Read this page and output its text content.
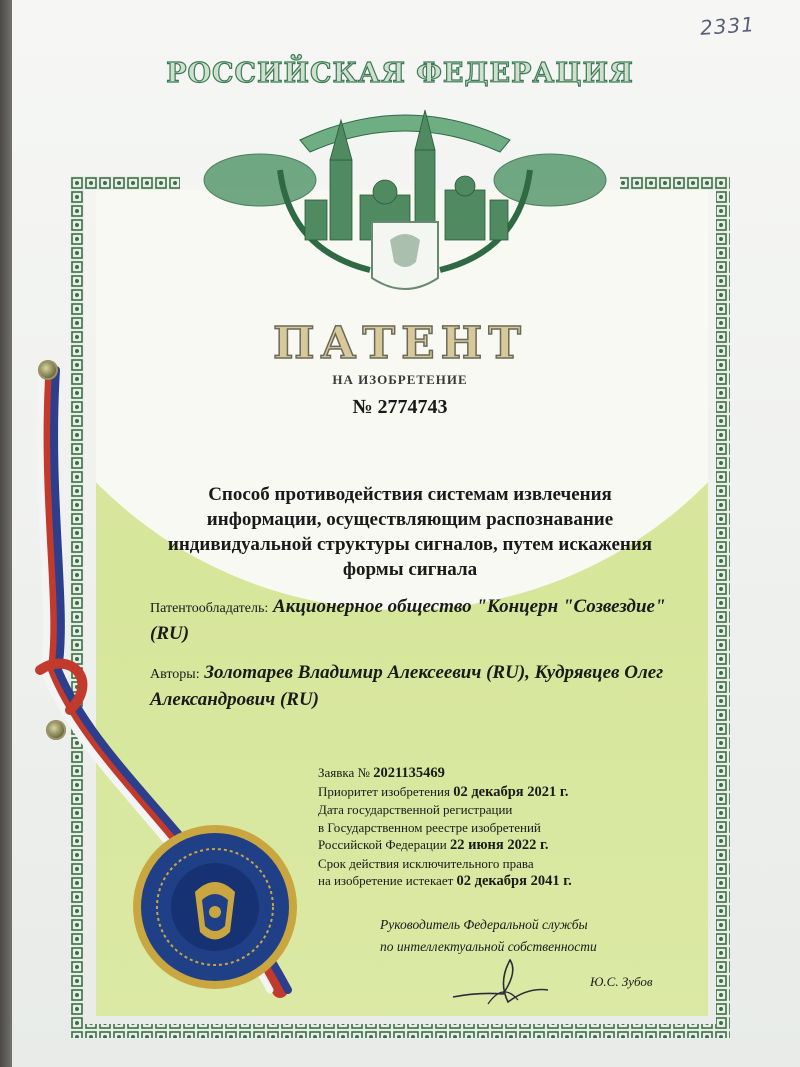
2331
РОССИЙСКАЯ ФЕДЕРАЦИЯ
ПАТЕНТ
НА ИЗОБРЕТЕНИЕ
№ 2774743
Способ противодействия системам извлечения информации, осуществляющим распознавание индивидуальной структуры сигналов, путем искажения формы сигнала
Патентообладатель: Акционерное общество "Концерн "Созвездие" (RU)
Авторы: Золотарев Владимир Алексеевич (RU), Кудрявцев Олег Александрович (RU)
Заявка № 2021135469
Приоритет изобретения 02 декабря 2021 г.
Дата государственной регистрации
в Государственном реестре изобретений
Российской Федерации 22 июня 2022 г.
Срок действия исключительного права
на изобретение истекает 02 декабря 2041 г.
Руководитель Федеральной службы
по интеллектуальной собственности
Ю.С. Зубов
